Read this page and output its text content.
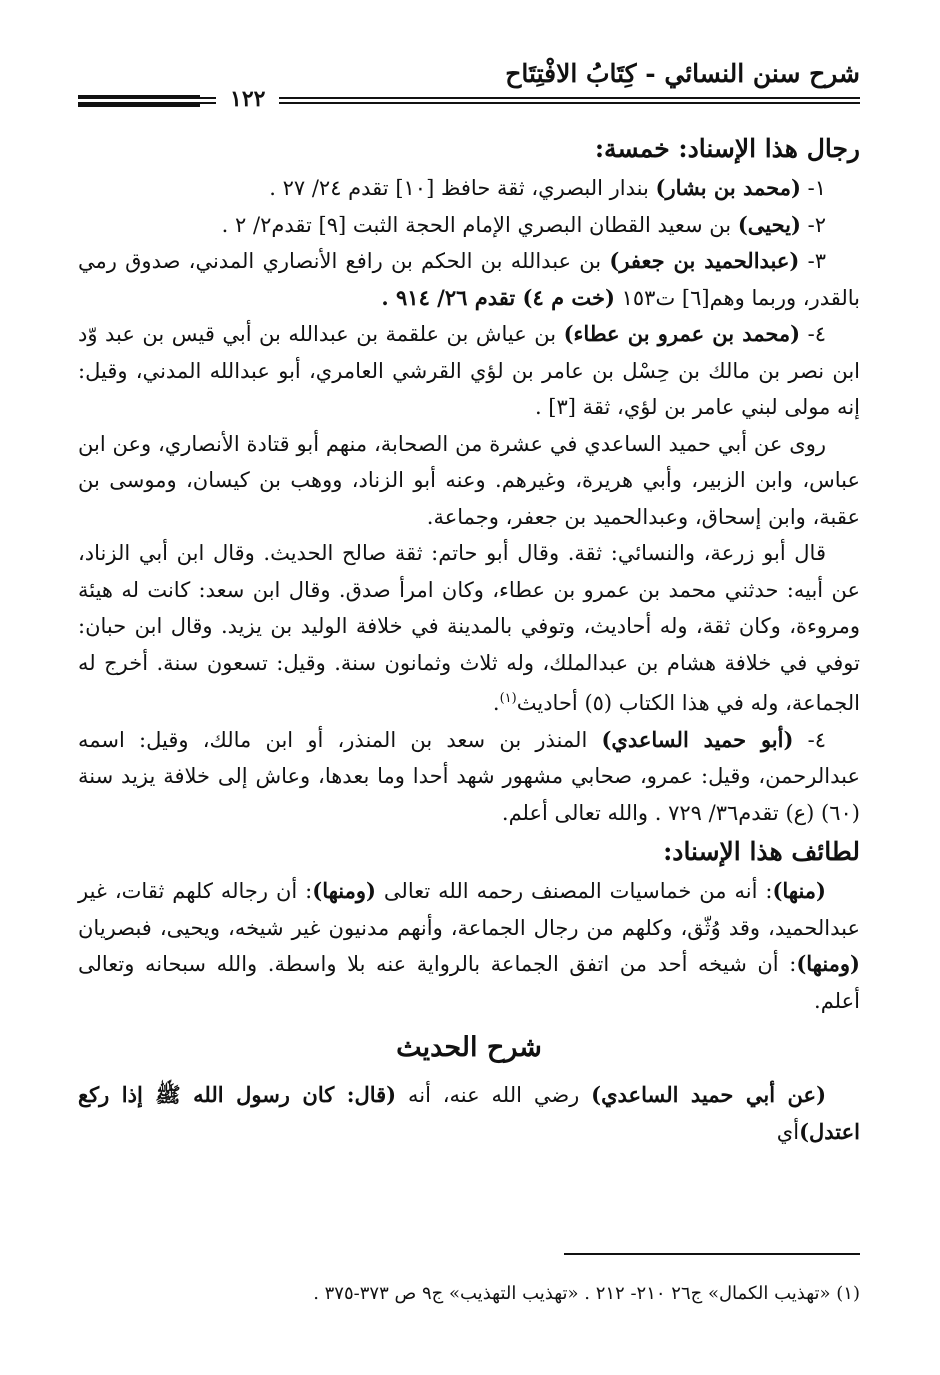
شرح سنن النسائي - كِتَابُ الافْتِتَاح
١٢٢

رجال هذا الإسناد: خمسة:

١- (محمد بن بشار) بندار البصري، ثقة حافظ [١٠] تقدم ٢٤/ ٢٧ .

٢- (يحيى) بن سعيد القطان البصري الإمام الحجة الثبت [٩] تقدم٢/ ٢ .

٣- (عبدالحميد بن جعفر) بن عبدالله بن الحكم بن رافع الأنصاري المدني، صدوق رمي بالقدر، وربما وهم[٦] ت١٥٣ (خت م ٤) تقدم ٢٦/ ٩١٤ .

٤- (محمد بن عمرو بن عطاء) بن عياش بن علقمة بن عبدالله بن أبي قيس بن عبد وّد ابن نصر بن مالك بن حِسْل بن عامر بن لؤي القرشي العامري، أبو عبدالله المدني، وقيل: إنه مولى لبني عامر بن لؤي، ثقة [٣] .

روى عن أبي حميد الساعدي في عشرة من الصحابة، منهم أبو قتادة الأنصاري، وعن ابن عباس، وابن الزبير، وأبي هريرة، وغيرهم. وعنه أبو الزناد، ووهب بن كيسان، وموسى بن عقبة، وابن إسحاق، وعبدالحميد بن جعفر، وجماعة.

قال أبو زرعة، والنسائي: ثقة. وقال أبو حاتم: ثقة صالح الحديث. وقال ابن أبي الزناد، عن أبيه: حدثني محمد بن عمرو بن عطاء، وكان امرأ صدق. وقال ابن سعد: كانت له هيئة ومروءة، وكان ثقة، وله أحاديث، وتوفي بالمدينة في خلافة الوليد بن يزيد. وقال ابن حبان: توفي في خلافة هشام بن عبدالملك، وله ثلاث وثمانون سنة. وقيل: تسعون سنة. أخرج له الجماعة، وله في هذا الكتاب (٥) أحاديث$^{(١)}$.

٤- (أبو حميد الساعدي) المنذر بن سعد بن المنذر، أو ابن مالك، وقيل: اسمه عبدالرحمن، وقيل: عمرو، صحابي مشهور شهد أحدا وما بعدها، وعاش إلى خلافة يزيد سنة (٦٠) (ع) تقدم٣٦/ ٧٢٩ . والله تعالى أعلم.

لطائف هذا الإسناد:

(منها): أنه من خماسيات المصنف رحمه الله تعالى (ومنها): أن رجاله كلهم ثقات، غير عبدالحميد، وقد وُثّق، وكلهم من رجال الجماعة، وأنهم مدنيون غير شيخه، ويحيى، فبصريان (ومنها): أن شيخه أحد من اتفق الجماعة بالرواية عنه بلا واسطة. والله سبحانه وتعالى أعلم.

شرح الحديث

(عن أبي حميد الساعدي) رضي الله عنه، أنه (قال: كان رسول الله ﷺ إذا ركع اعتدل)أي

(١) «تهذيب الكمال» ج٢٦ ٢١٠- ٢١٢ . «تهذيب التهذيب» ج٩ ص ٣٧٣-٣٧٥ .
